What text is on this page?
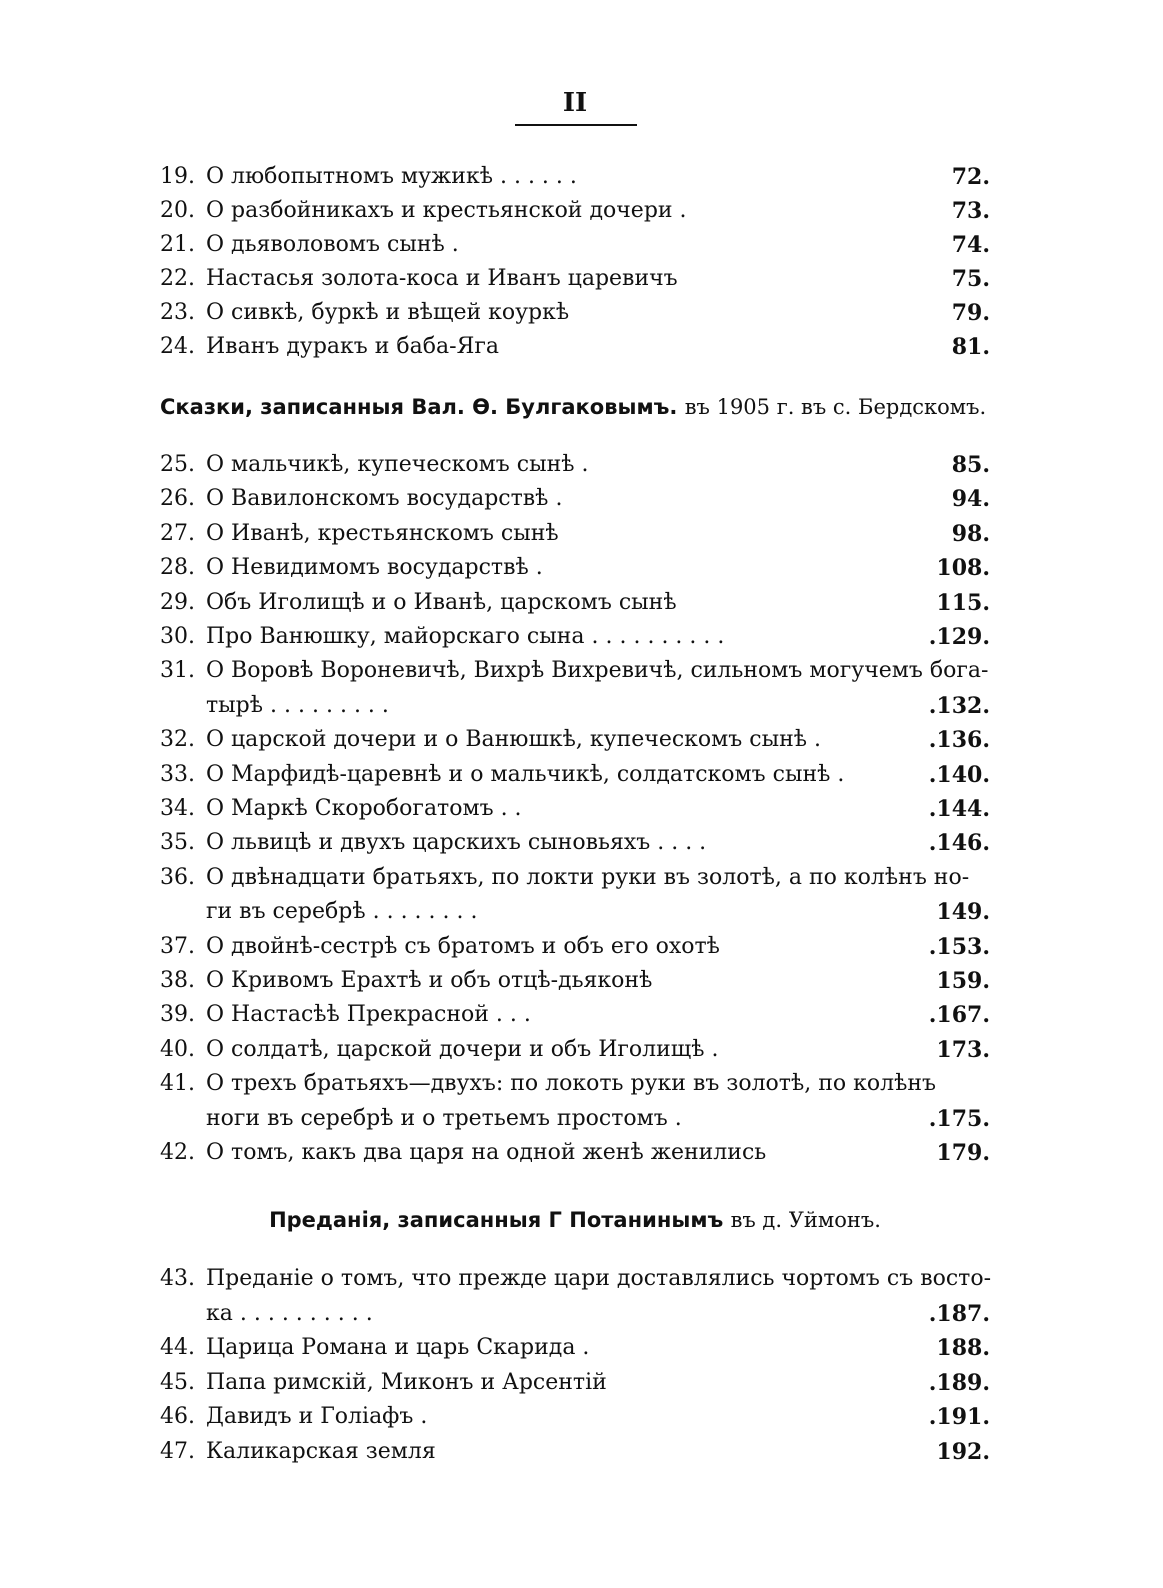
II
19. О любопытномъ мужикѣ . . . . . .	72.
20. О разбойникахъ и крестьянской дочери .	73.
21. О дьяволовомъ сынѣ .	74.
22. Настасья золота-коса и Иванъ царевичъ	75.
23. О сивкѣ, буркѣ и вѣщей коуркѣ	79.
24. Иванъ дуракъ и баба-Яга	81.
Сказки, записанныя Вал. Ѳ. Булгаковымъ. въ 1905 г. въ с. Бердскомъ.
25. О мальчикѣ, купеческомъ сынѣ .	85.
26. О Вавилонскомъ восударствѣ .	94.
27. О Иванѣ, крестьянскомъ сынѣ	98.
28. О Невидимомъ восударствѣ .	108.
29. Объ Иголищѣ и о Иванѣ, царскомъ сынѣ	115.
30. Про Ванюшку, майорскаго сына . . . . . . . . . .	.129.
31. О Воровѣ Вороневичѣ, Вихрѣ Вихревичѣ, сильномъ могучемъ бога-
тырѣ . . . . . . . . .	.132.
32. О царской дочери и о Ванюшкѣ, купеческомъ сынѣ .	.136.
33. О Марфидѣ-царевнѣ и о мальчикѣ, солдатскомъ сынѣ .	.140.
34. О Маркѣ Скоробогатомъ . .	.144.
35. О львицѣ и двухъ царскихъ сыновьяхъ . . . .	.146.
36. О двѣнадцати братьяхъ, по локти руки въ золотѣ, а по колѣнъ но-
ги въ серебрѣ . . . . . . . .	149.
37. О двойнѣ-сестрѣ съ братомъ и объ его охотѣ	.153.
38. О Кривомъ Ерахтѣ и объ отцѣ-дьяконѣ	159.
39. О Настасѣѣ Прекрасной . . .	.167.
40. О солдатѣ, царской дочери и объ Иголищѣ .	173.
41. О трехъ братьяхъ—двухъ: по локоть руки въ золотѣ, по колѣнъ
ноги въ серебрѣ и о третьемъ простомъ .	.175.
42. О томъ, какъ два царя на одной женѣ женились	179.
Преданія, записанныя Г Потанинымъ въ д. Уймонъ.
43. Преданіе о томъ, что прежде цари доставлялись чортомъ съ восто-
ка . . . . . . . . . .	.187.
44. Царица Романа и царь Скарида .	188.
45. Папа римскій, Миконъ и Арсентій	.189.
46. Давидъ и Голіафъ .	.191.
47. Каликарская земля	192.
